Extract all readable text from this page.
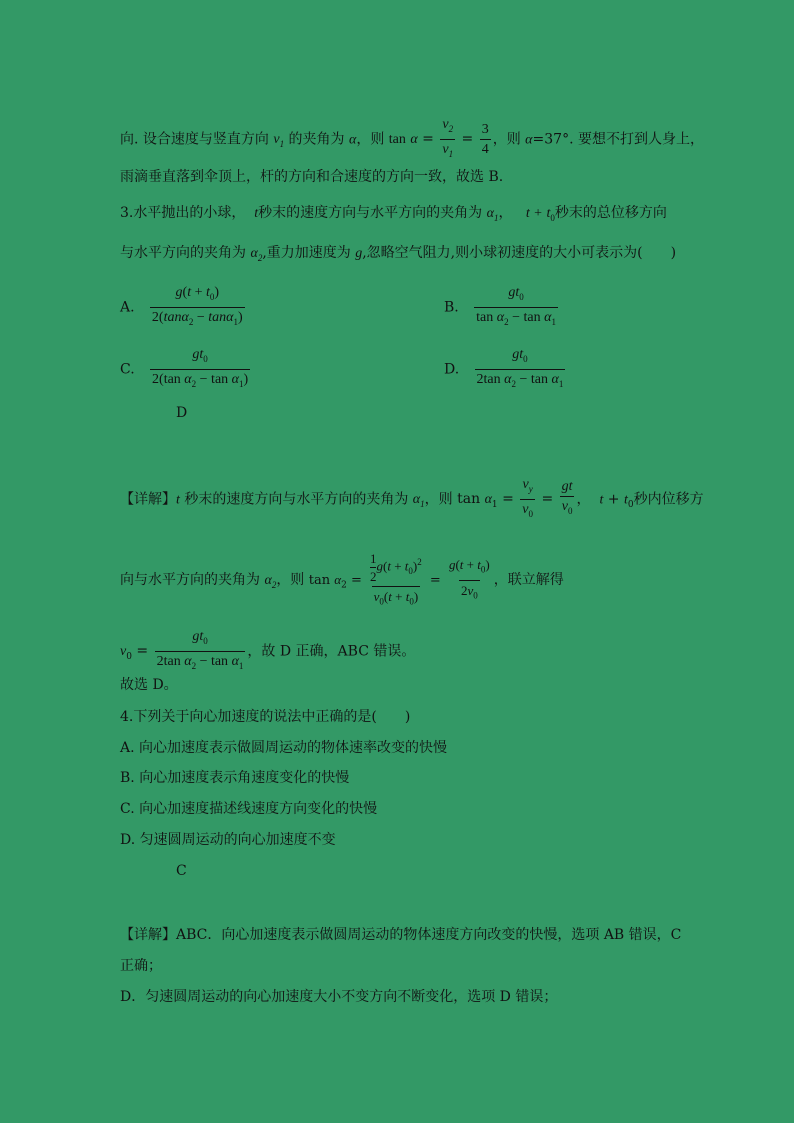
向. 设合速度与竖直方向 $v_1$ 的夹角为 α，则 $\tan \alpha = \frac{v_2}{v_1} = \frac{3}{4}$ ，则 α=37°. 要想不打到人身上，
雨滴垂直落到伞顶上，杆的方向和合速度的方向一致，故选 B.
3.水平抛出的小球， t秒末的速度方向与水平方向的夹角为 $\alpha_1$，   $t + t_0$秒末的总位移方向
与水平方向的夹角为 $\alpha_2$,重力加速度为 g,忽略空气阻力,则小球初速度的大小可表示为(　　)
A. $\frac{g(t + t_0)}{2(\tan\alpha_2 - \tan\alpha_1)}$	B. $\frac{gt_0}{\tan \alpha_2 - \tan \alpha_1}$
C. $\frac{gt_0}{2(\tan \alpha_2 - \tan \alpha_1)}$	D. $\frac{gt_0}{2\tan \alpha_2 - \tan \alpha_1}$
D
【详解】t 秒末的速度方向与水平方向的夹角为 $\alpha_1$，则 $\tan \alpha_1 = \frac{v_y}{v_0} = \frac{gt}{v_0}$ ，  $t + t_0$秒内位移方
向与水平方向的夹角为 $\alpha_2$，则 $\tan \alpha_2 = \frac{\frac{1}{2} g(t + t_0)^2}{v_0(t + t_0)} = \frac{g(t + t_0)}{2v_0}$ ，联立解得
$v_0 = \frac{gt_0}{2\tan \alpha_2 - \tan \alpha_1}$ ，故 D 正确，ABC 错误。
故选 D。
4.下列关于向心加速度的说法中正确的是(　　)
A. 向心加速度表示做圆周运动的物体速率改变的快慢
B. 向心加速度表示角速度变化的快慢
C. 向心加速度描述线速度方向变化的快慢
D. 匀速圆周运动的向心加速度不变
C
【详解】ABC．向心加速度表示做圆周运动的物体速度方向改变的快慢，选项 AB 错误，C
正确；
D．匀速圆周运动的向心加速度大小不变方向不断变化，选项 D 错误；
